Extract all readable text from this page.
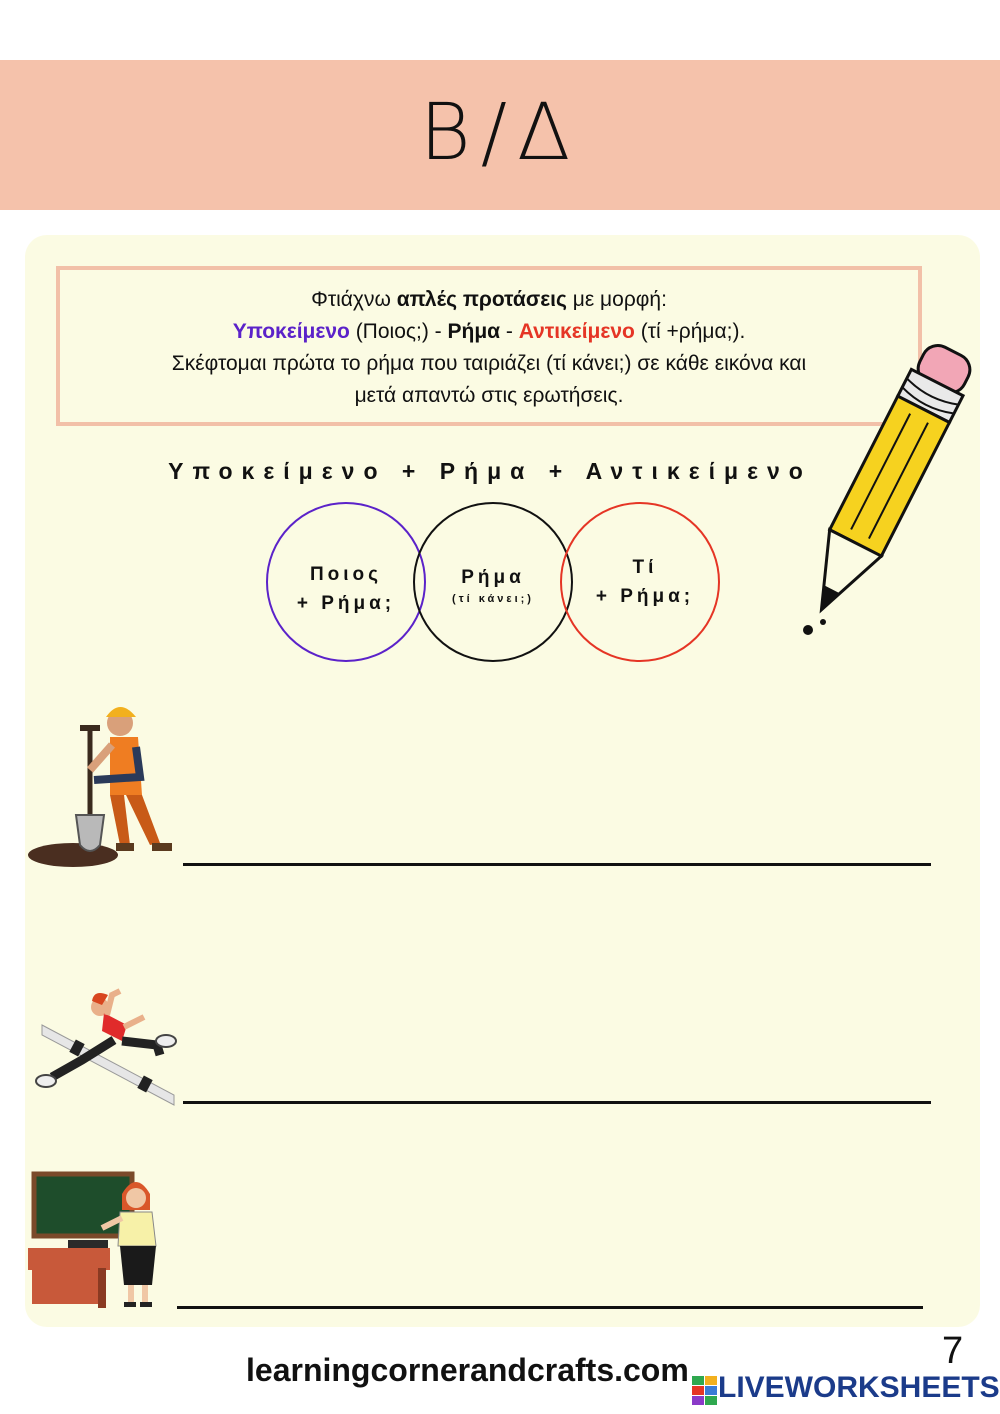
B/Δ
Φτιάχνω απλές προτάσεις με μορφή:
Υποκείμενο (Ποιος;) - Ρήμα - Αντικείμενο (τί +ρήμα;).
Σκέφτομαι πρώτα το ρήμα που ταιριάζει (τί κάνει;) σε κάθε εικόνα και
μετά απαντώ στις ερωτήσεις.
Υποκείμενο + Ρήμα + Αντικείμενο
Ποιος
+ Ρήμα;
Ρήμα
(τί κάνει;)
Τί
+ Ρήμα;
learningcornerandcrafts.com	7
LIVEWORKSHEETS
